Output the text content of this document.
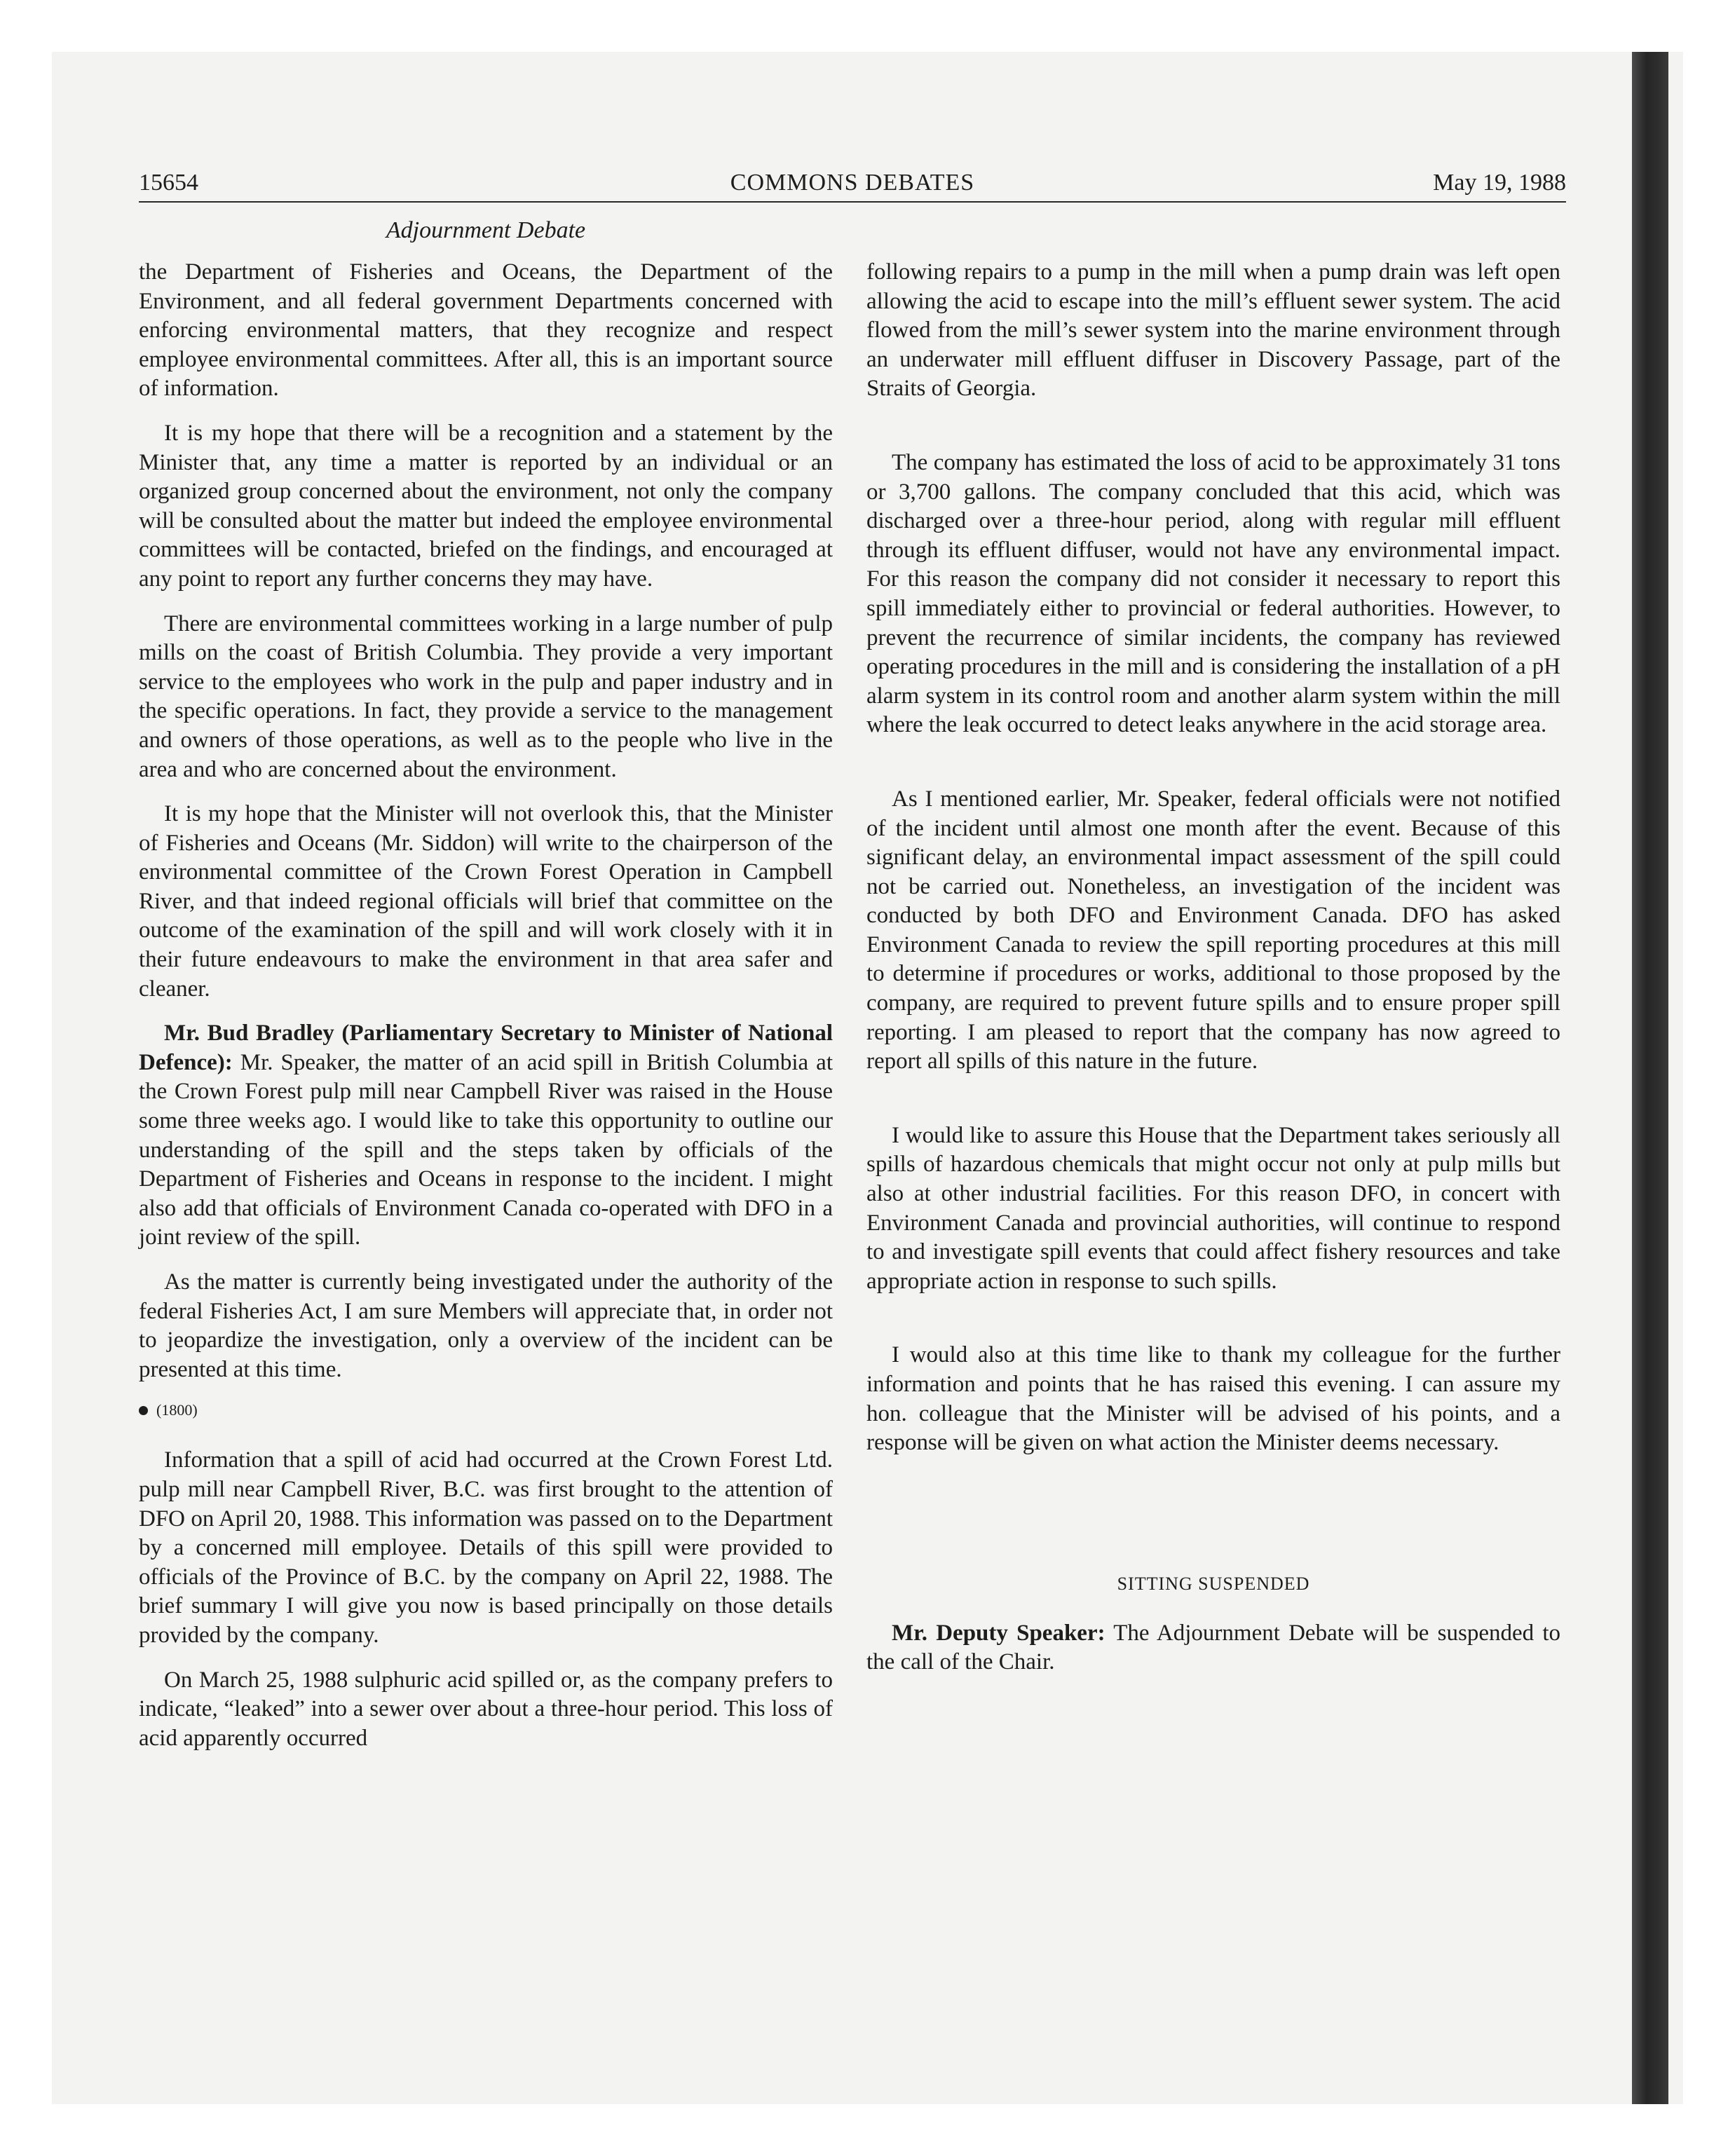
15654	COMMONS DEBATES	May 19, 1988
Adjournment Debate

the Department of Fisheries and Oceans, the Department of the Environment, and all federal government Departments concerned with enforcing environmental matters, that they recognize and respect employee environmental committees. After all, this is an important source of information.

It is my hope that there will be a recognition and a statement by the Minister that, any time a matter is reported by an individual or an organized group concerned about the environment, not only the company will be consulted about the matter but indeed the employee environmental committees will be contacted, briefed on the findings, and encouraged at any point to report any further concerns they may have.

There are environmental committees working in a large number of pulp mills on the coast of British Columbia. They provide a very important service to the employees who work in the pulp and paper industry and in the specific operations. In fact, they provide a service to the management and owners of those operations, as well as to the people who live in the area and who are concerned about the environment.

It is my hope that the Minister will not overlook this, that the Minister of Fisheries and Oceans (Mr. Siddon) will write to the chairperson of the environmental committee of the Crown Forest Operation in Campbell River, and that indeed regional officials will brief that committee on the outcome of the examination of the spill and will work closely with it in their future endeavours to make the environment in that area safer and cleaner.

Mr. Bud Bradley (Parliamentary Secretary to Minister of National Defence): Mr. Speaker, the matter of an acid spill in British Columbia at the Crown Forest pulp mill near Campbell River was raised in the House some three weeks ago. I would like to take this opportunity to outline our understanding of the spill and the steps taken by officials of the Department of Fisheries and Oceans in response to the incident. I might also add that officials of Environment Canada co-operated with DFO in a joint review of the spill.

As the matter is currently being investigated under the authority of the federal Fisheries Act, I am sure Members will appreciate that, in order not to jeopardize the investigation, only a overview of the incident can be presented at this time.

(1800)

Information that a spill of acid had occurred at the Crown Forest Ltd. pulp mill near Campbell River, B.C. was first brought to the attention of DFO on April 20, 1988. This information was passed on to the Department by a concerned mill employee. Details of this spill were provided to officials of the Province of B.C. by the company on April 22, 1988. The brief summary I will give you now is based principally on those details provided by the company.

On March 25, 1988 sulphuric acid spilled or, as the company prefers to indicate, “leaked” into a sewer over about a three-hour period. This loss of acid apparently occurred

following repairs to a pump in the mill when a pump drain was left open allowing the acid to escape into the mill’s effluent sewer system. The acid flowed from the mill’s sewer system into the marine environment through an underwater mill effluent diffuser in Discovery Passage, part of the Straits of Georgia.

The company has estimated the loss of acid to be approximately 31 tons or 3,700 gallons. The company concluded that this acid, which was discharged over a three-hour period, along with regular mill effluent through its effluent diffuser, would not have any environmental impact. For this reason the company did not consider it necessary to report this spill immediately either to provincial or federal authorities. However, to prevent the recurrence of similar incidents, the company has reviewed operating procedures in the mill and is considering the installation of a pH alarm system in its control room and another alarm system within the mill where the leak occurred to detect leaks anywhere in the acid storage area.

As I mentioned earlier, Mr. Speaker, federal officials were not notified of the incident until almost one month after the event. Because of this significant delay, an environmental impact assessment of the spill could not be carried out. Nonetheless, an investigation of the incident was conducted by both DFO and Environment Canada. DFO has asked Environment Canada to review the spill reporting procedures at this mill to determine if procedures or works, additional to those proposed by the company, are required to prevent future spills and to ensure proper spill reporting. I am pleased to report that the company has now agreed to report all spills of this nature in the future.

I would like to assure this House that the Department takes seriously all spills of hazardous chemicals that might occur not only at pulp mills but also at other industrial facilities. For this reason DFO, in concert with Environment Canada and provincial authorities, will continue to respond to and investigate spill events that could affect fishery resources and take appropriate action in response to such spills.

I would also at this time like to thank my colleague for the further information and points that he has raised this evening. I can assure my hon. colleague that the Minister will be advised of his points, and a response will be given on what action the Minister deems necessary.

SITTING SUSPENDED

Mr. Deputy Speaker: The Adjournment Debate will be suspended to the call of the Chair.
